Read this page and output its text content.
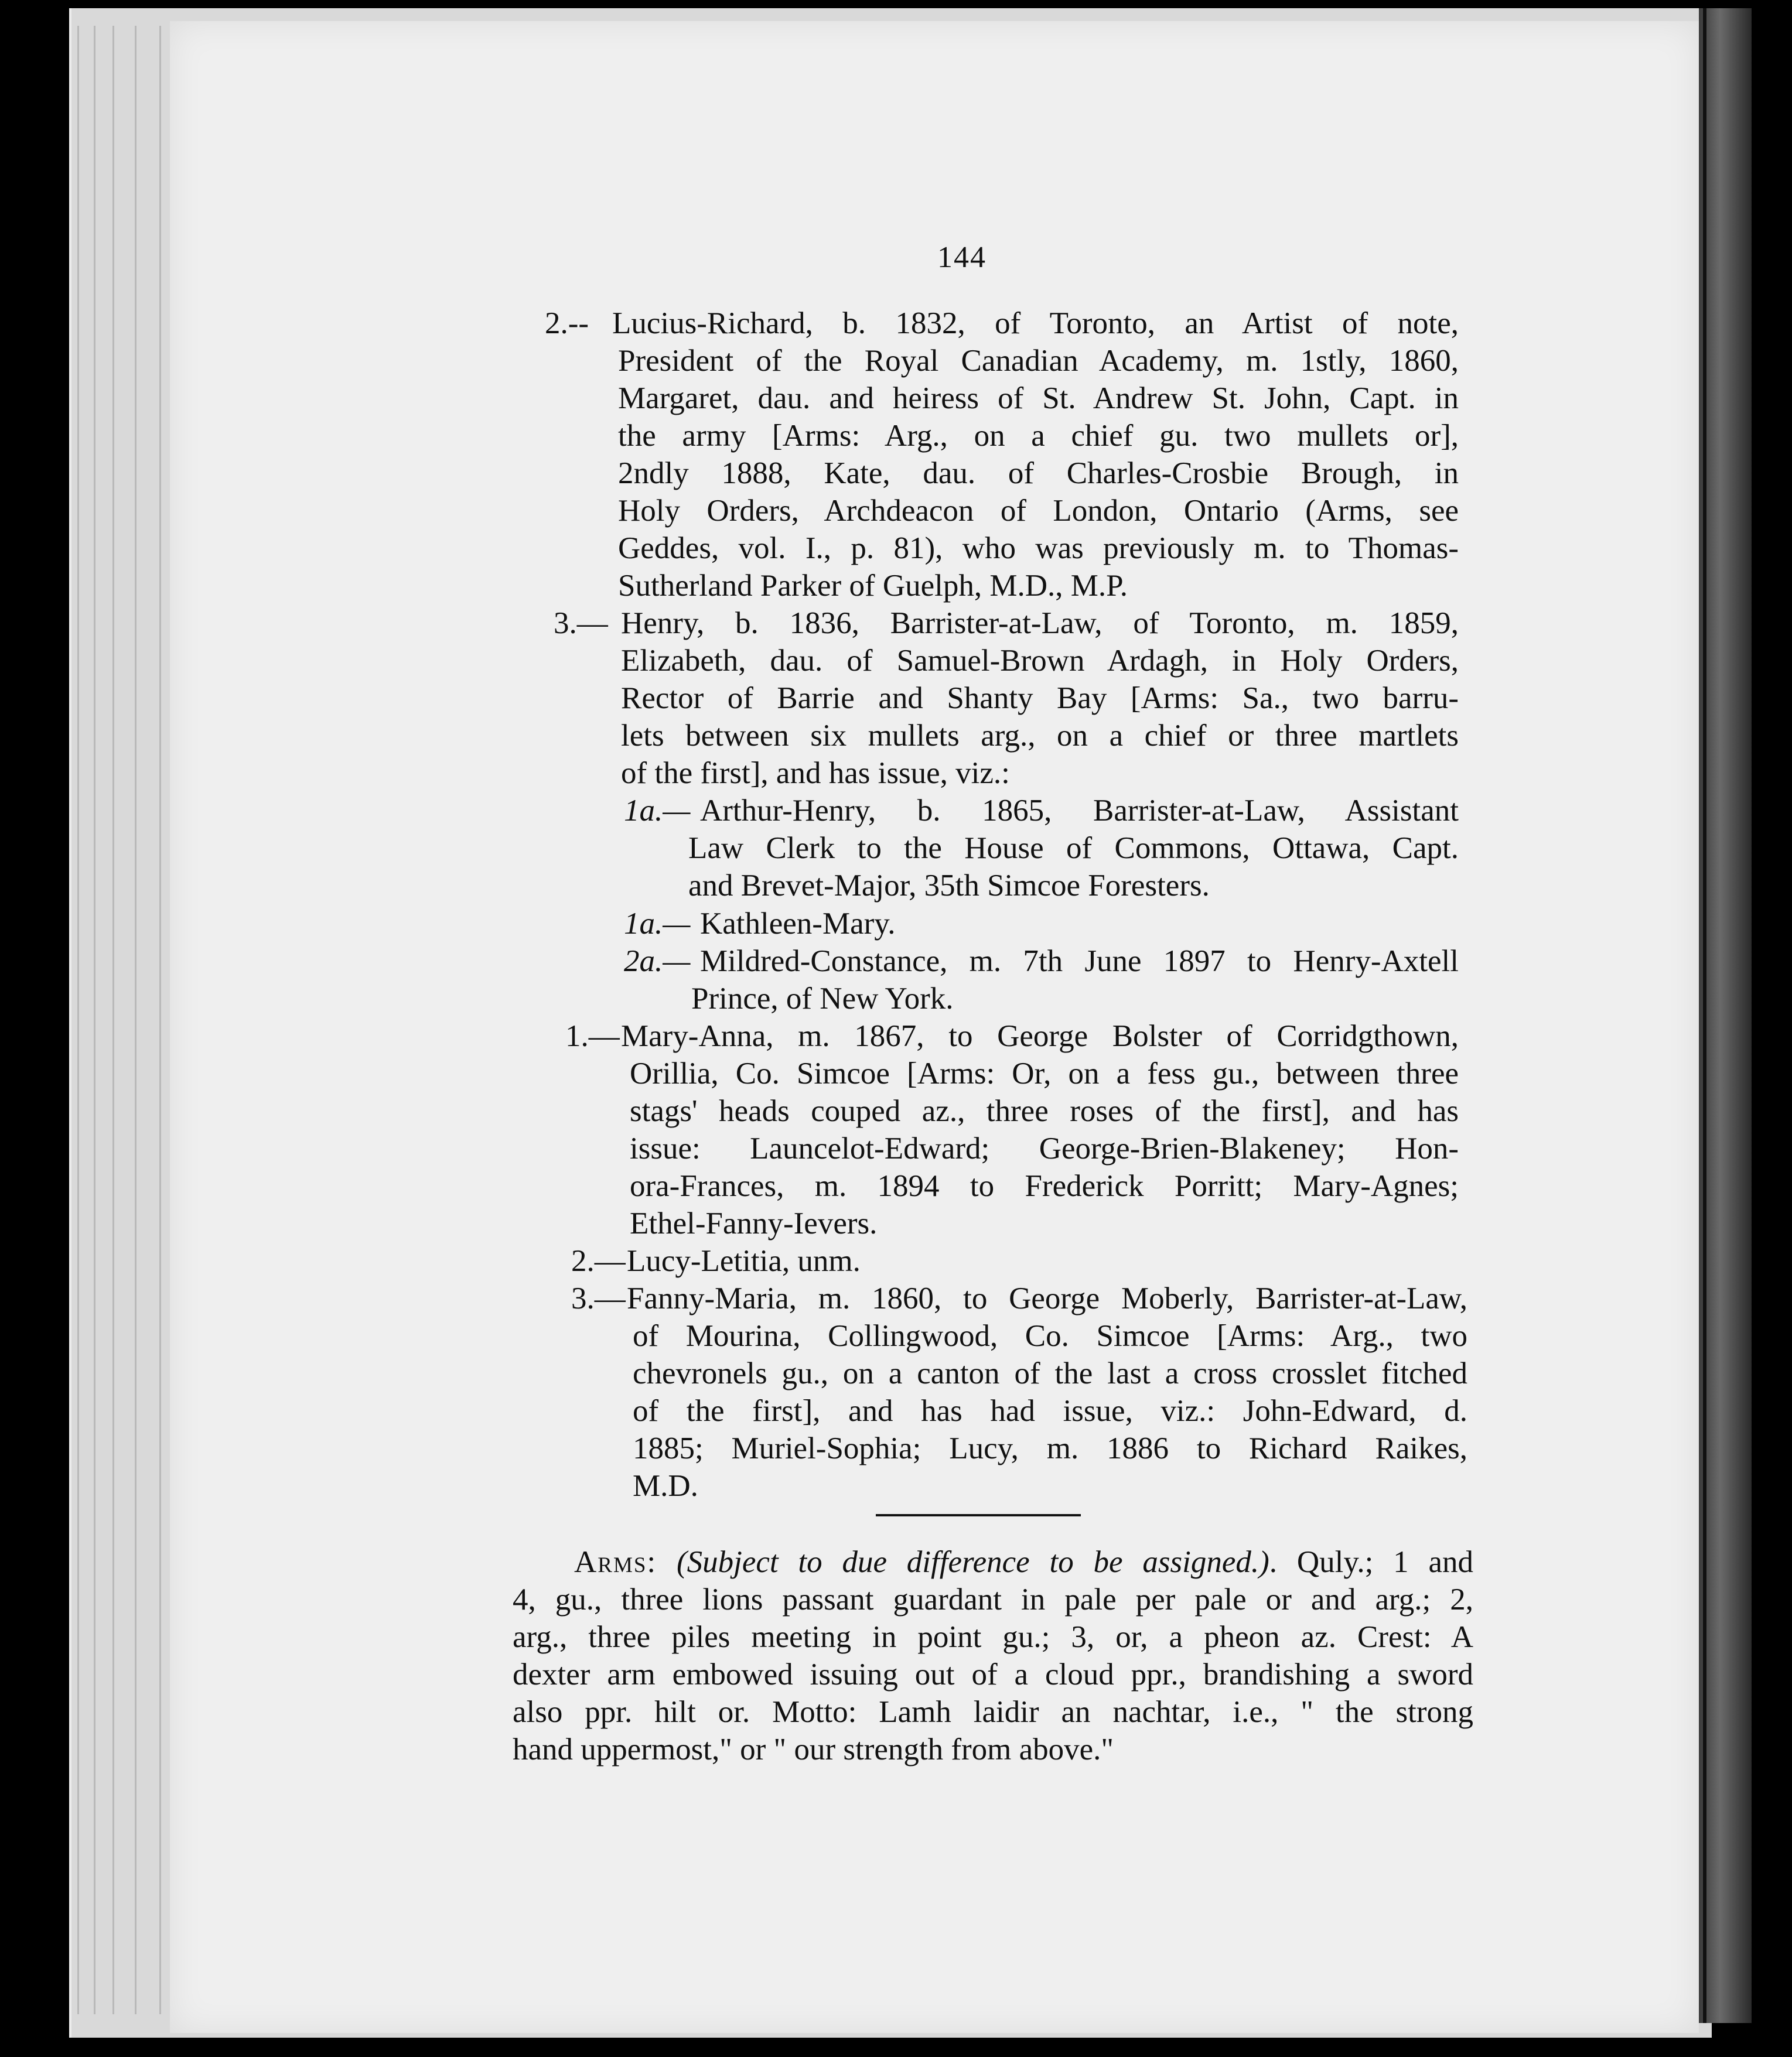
144
2.-- Lucius-Richard, b. 1832, of Toronto, an Artist of note,
President of the Royal Canadian Academy, m. 1stly, 1860,
Margaret, dau. and heiress of St. Andrew St. John, Capt. in
the army [Arms: Arg., on a chief gu. two mullets or],
2ndly 1888, Kate, dau. of Charles-Crosbie Brough, in
Holy Orders, Archdeacon of London, Ontario (Arms, see
Geddes, vol. I., p. 81), who was previously m. to Thomas-
Sutherland Parker of Guelph, M.D., M.P.
3.— Henry, b. 1836, Barrister-at-Law, of Toronto, m. 1859,
Elizabeth, dau. of Samuel-Brown Ardagh, in Holy Orders,
Rector of Barrie and Shanty Bay [Arms: Sa., two barru-
lets between six mullets arg., on a chief or three martlets
of the first], and has issue, viz.:
1a.— Arthur-Henry, b. 1865, Barrister-at-Law, Assistant
Law Clerk to the House of Commons, Ottawa, Capt.
and Brevet-Major, 35th Simcoe Foresters.
1a.— Kathleen-Mary.
2a.— Mildred-Constance, m. 7th June 1897 to Henry-Axtell
Prince, of New York.
1.— Mary-Anna, m. 1867, to George Bolster of Corridgthown,
Orillia, Co. Simcoe [Arms: Or, on a fess gu., between three
stags' heads couped az., three roses of the first], and has
issue: Launcelot-Edward; George-Brien-Blakeney; Hon-
ora-Frances, m. 1894 to Frederick Porritt; Mary-Agnes;
Ethel-Fanny-Ievers.
2.— Lucy-Letitia, unm.
3.— Fanny-Maria, m. 1860, to George Moberly, Barrister-at-Law,
of Mourina, Collingwood, Co. Simcoe [Arms: Arg., two
chevronels gu., on a canton of the last a cross crosslet fitched
of the first], and has had issue, viz.: John-Edward, d.
1885; Muriel-Sophia; Lucy, m. 1886 to Richard Raikes,
M.D.
Arms: (Subject to due difference to be assigned.). Quly.; 1 and
4, gu., three lions passant guardant in pale per pale or and arg.; 2,
arg., three piles meeting in point gu.; 3, or, a pheon az. Crest: A
dexter arm embowed issuing out of a cloud ppr., brandishing a sword
also ppr. hilt or. Motto: Lamh laidir an nachtar, i.e., " the strong
hand uppermost," or " our strength from above."
